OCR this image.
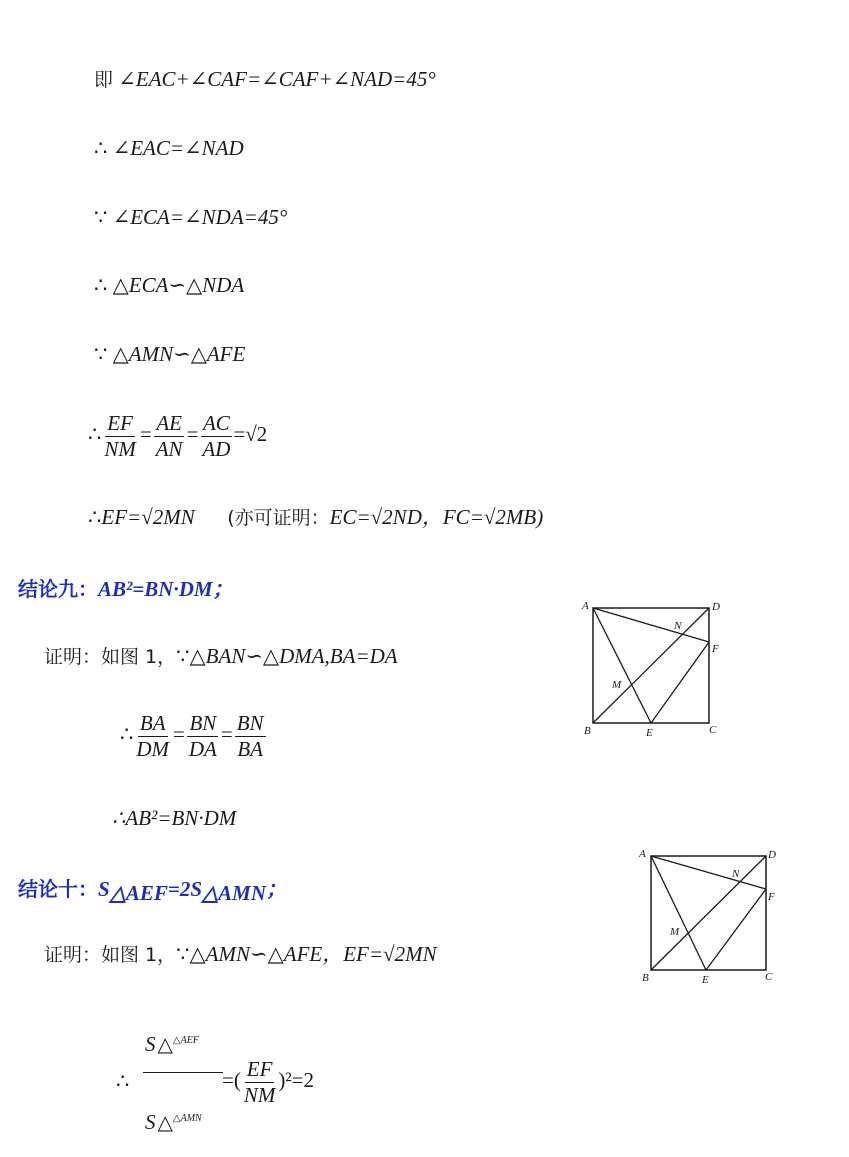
即 ∠EAC+∠CAF=∠CAF+∠NAD=45°
∴ ∠EAC=∠NAD
∵ ∠ECA=∠NDA=45°
∴ △ECA∽△NDA
∵ △AMN∽△AFE
∴ $\frac{EF}{NM} = \frac{AE}{AN} = \frac{AC}{AD} =√2$
∴EF=√2MN (亦可证明：EC=√2ND，FC=√2MB)
结论九：AB²=BN·DM；
证明：如图 1，∵△BAN∽△DMA,BA=DA
∴ $\frac{BA}{DM} = \frac{BN}{DA} = \frac{BN}{BA}$
∴AB²=BN·DM
A	D
N
F
M
B	E	C
结论十：S△AEF=2S△AMN；
证明：如图 1，∵△AMN∽△AFE，EF=√2MN
A	D
N
F
M
B	E	C
∴
S △$^{\triangle AEF}$
S △$^{\triangle AMN}$
=( $\frac{EF}{NM} )^2=2$
